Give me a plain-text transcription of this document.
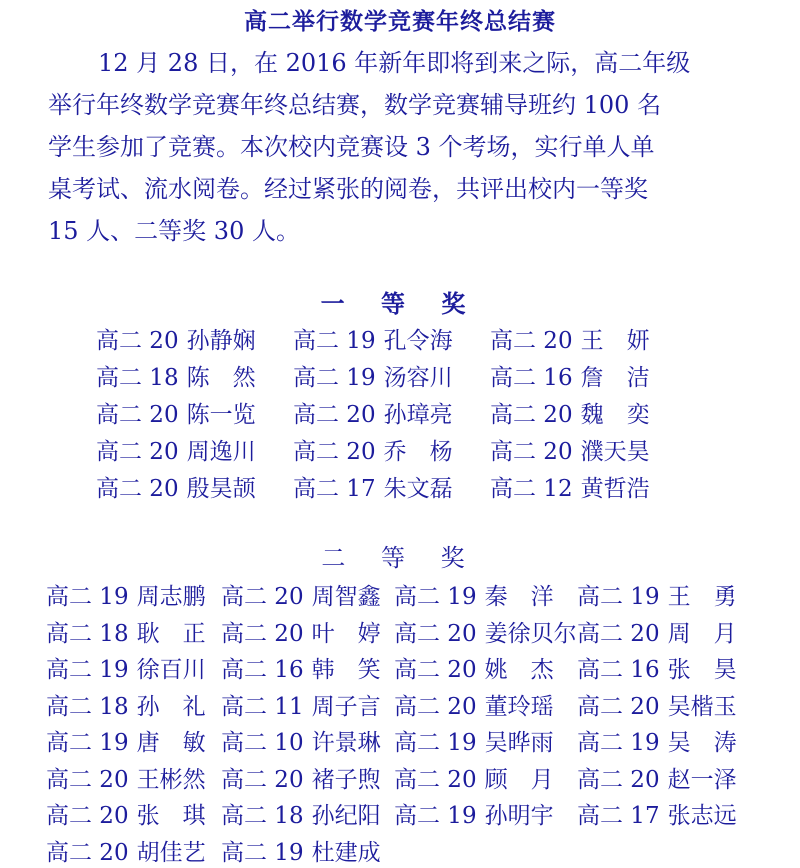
高二举行数学竞赛年终总结赛
12 月 28 日，在 2016 年新年即将到来之际，高二年级
举行年终数学竞赛年终总结赛，数学竞赛辅导班约 100 名
学生参加了竞赛。本次校内竞赛设 3 个考场，实行单人单
桌考试、流水阅卷。经过紧张的阅卷，共评出校内一等奖
15 人、二等奖 30 人。
一 等 奖
高二 20 孙静娴 高二 19 孔令海 高二 20 王　妍
高二 18 陈　然 高二 19 汤容川 高二 16 詹　洁
高二 20 陈一览 高二 20 孙璋亮 高二 20 魏　奕
高二 20 周逸川 高二 20 乔　杨 高二 20 濮天昊
高二 20 殷昊颉 高二 17 朱文磊 高二 12 黄哲浩
二 等 奖
高二 19 周志鹏 高二 20 周智鑫 高二 19 秦　洋 高二 19 王　勇
高二 18 耿　正 高二 20 叶　婷 高二 20 姜徐贝尔 高二 20 周　月
高二 19 徐百川 高二 16 韩　笑 高二 20 姚　杰 高二 16 张　昊
高二 18 孙　礼 高二 11 周子言 高二 20 董玲瑶 高二 20 吴楷玉
高二 19 唐　敏 高二 10 许景琳 高二 19 吴晔雨 高二 19 吴　涛
高二 20 王彬然 高二 20 褚子煦 高二 20 顾　月 高二 20 赵一泽
高二 20 张　琪 高二 18 孙纪阳 高二 19 孙明宇 高二 17 张志远
高二 20 胡佳艺 高二 19 杜建成
